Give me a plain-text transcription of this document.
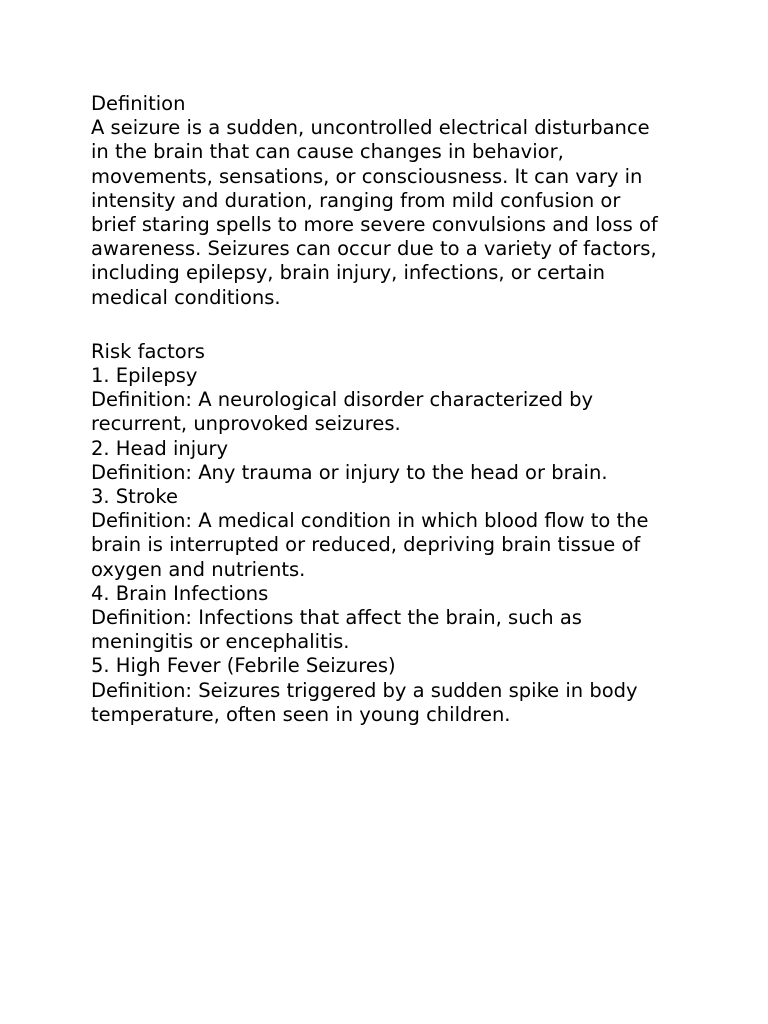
Definition
A seizure is a sudden, uncontrolled electrical disturbance
in the brain that can cause changes in behavior,
movements, sensations, or consciousness. It can vary in
intensity and duration, ranging from mild confusion or
brief staring spells to more severe convulsions and loss of
awareness. Seizures can occur due to a variety of factors,
including epilepsy, brain injury, infections, or certain
medical conditions.
Risk factors
1. Epilepsy
Definition: A neurological disorder characterized by
recurrent, unprovoked seizures.
2. Head injury
Definition: Any trauma or injury to the head or brain.
3. Stroke
Definition: A medical condition in which blood flow to the
brain is interrupted or reduced, depriving brain tissue of
oxygen and nutrients.
4. Brain Infections
Definition: Infections that affect the brain, such as
meningitis or encephalitis.
5. High Fever (Febrile Seizures)
Definition: Seizures triggered by a sudden spike in body
temperature, often seen in young children.
